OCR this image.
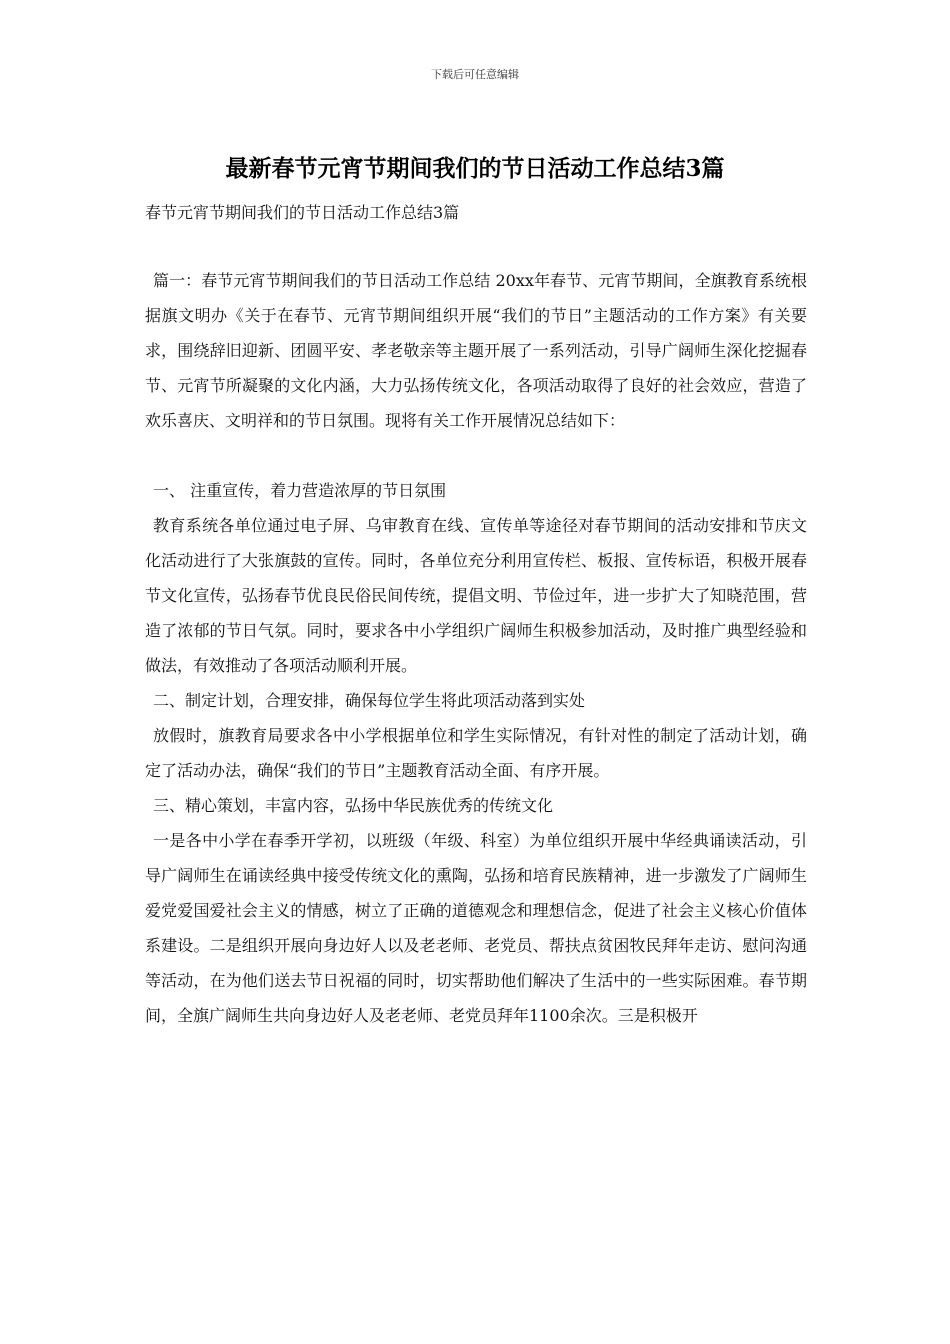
下载后可任意编辑
最新春节元宵节期间我们的节日活动工作总结3篇
春节元宵节期间我们的节日活动工作总结3篇

篇一：春节元宵节期间我们的节日活动工作总结 20xx年春节、元宵节期间，全旗教育系统根据旗文明办《关于在春节、元宵节期间组织开展“我们的节日”主题活动的工作方案》有关要求，围绕辞旧迎新、团圆平安、孝老敬亲等主题开展了一系列活动，引导广阔师生深化挖掘春节、元宵节所凝聚的文化内涵，大力弘扬传统文化，各项活动取得了良好的社会效应，营造了欢乐喜庆、文明祥和的节日氛围。现将有关工作开展情况总结如下：

一、 注重宣传，着力营造浓厚的节日氛围

教育系统各单位通过电子屏、乌审教育在线、宣传单等途径对春节期间的活动安排和节庆文化活动进行了大张旗鼓的宣传。同时，各单位充分利用宣传栏、板报、宣传标语，积极开展春节文化宣传，弘扬春节优良民俗民间传统，提倡文明、节俭过年，进一步扩大了知晓范围，营造了浓郁的节日气氛。同时，要求各中小学组织广阔师生积极参加活动，及时推广典型经验和做法，有效推动了各项活动顺利开展。

二、制定计划，合理安排，确保每位学生将此项活动落到实处

放假时，旗教育局要求各中小学根据单位和学生实际情况，有针对性的制定了活动计划，确定了活动办法，确保“我们的节日”主题教育活动全面、有序开展。

三、精心策划，丰富内容，弘扬中华民族优秀的传统文化

一是各中小学在春季开学初，以班级（年级、科室）为单位组织开展中华经典诵读活动，引导广阔师生在诵读经典中接受传统文化的熏陶，弘扬和培育民族精神，进一步激发了广阔师生爱党爱国爱社会主义的情感，树立了正确的道德观念和理想信念，促进了社会主义核心价值体系建设。二是组织开展向身边好人以及老老师、老党员、帮扶点贫困牧民拜年走访、慰问沟通等活动，在为他们送去节日祝福的同时，切实帮助他们解决了生活中的一些实际困难。春节期间，全旗广阔师生共向身边好人及老老师、老党员拜年1100余次。三是积极开
